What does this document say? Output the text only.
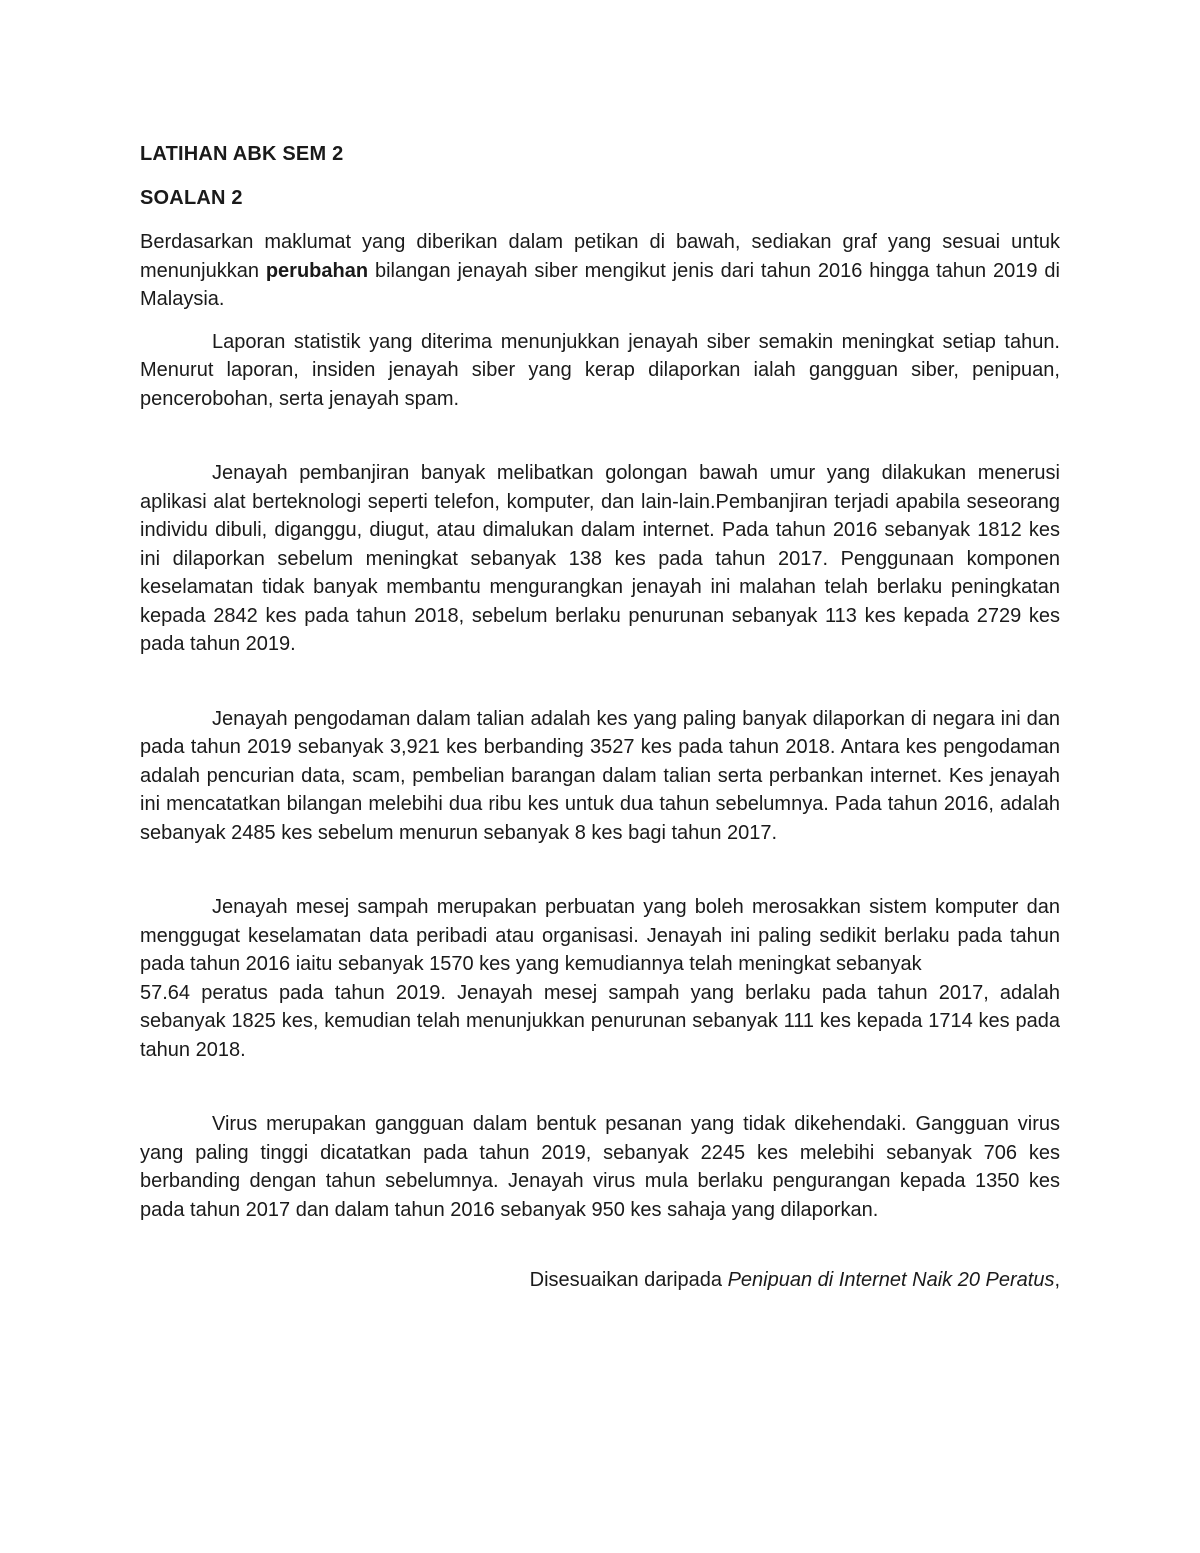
LATIHAN ABK SEM 2
SOALAN 2

Berdasarkan maklumat yang diberikan dalam petikan di bawah, sediakan graf yang sesuai untuk menunjukkan perubahan bilangan jenayah siber mengikut jenis dari tahun 2016 hingga tahun 2019 di Malaysia.

Laporan statistik yang diterima menunjukkan jenayah siber semakin meningkat setiap tahun. Menurut laporan, insiden jenayah siber yang kerap dilaporkan ialah gangguan siber, penipuan, pencerobohan, serta jenayah spam.

Jenayah pembanjiran banyak melibatkan golongan bawah umur yang dilakukan menerusi aplikasi alat berteknologi seperti telefon, komputer, dan lain-lain.Pembanjiran terjadi apabila seseorang individu dibuli, diganggu, diugut, atau dimalukan dalam internet. Pada tahun 2016 sebanyak 1812 kes ini dilaporkan sebelum meningkat sebanyak 138 kes pada tahun 2017. Penggunaan komponen keselamatan tidak banyak membantu mengurangkan jenayah ini malahan telah berlaku peningkatan kepada 2842 kes pada tahun 2018, sebelum berlaku penurunan sebanyak 113 kes kepada 2729 kes pada tahun 2019.

Jenayah pengodaman dalam talian adalah kes yang paling banyak dilaporkan di negara ini dan pada tahun 2019 sebanyak 3,921 kes berbanding 3527 kes pada tahun 2018. Antara kes pengodaman adalah pencurian data, scam, pembelian barangan dalam talian serta perbankan internet. Kes jenayah ini mencatatkan bilangan melebihi dua ribu kes untuk dua tahun sebelumnya. Pada tahun 2016, adalah sebanyak 2485 kes sebelum menurun sebanyak 8 kes bagi tahun 2017.

Jenayah mesej sampah merupakan perbuatan yang boleh merosakkan sistem komputer dan menggugat keselamatan data peribadi atau organisasi. Jenayah ini paling sedikit berlaku pada tahun pada tahun 2016 iaitu sebanyak 1570 kes yang kemudiannya telah meningkat sebanyak
57.64 peratus pada tahun 2019. Jenayah mesej sampah yang berlaku pada tahun 2017, adalah sebanyak 1825 kes, kemudian telah menunjukkan penurunan sebanyak 111 kes kepada 1714 kes pada tahun 2018.

Virus merupakan gangguan dalam bentuk pesanan yang tidak dikehendaki. Gangguan virus yang paling tinggi dicatatkan pada tahun 2019, sebanyak 2245 kes melebihi sebanyak 706 kes berbanding dengan tahun sebelumnya. Jenayah virus mula berlaku pengurangan kepada 1350 kes pada tahun 2017 dan dalam tahun 2016 sebanyak 950 kes sahaja yang dilaporkan.

Disesuaikan daripada Penipuan di Internet Naik 20 Peratus,
